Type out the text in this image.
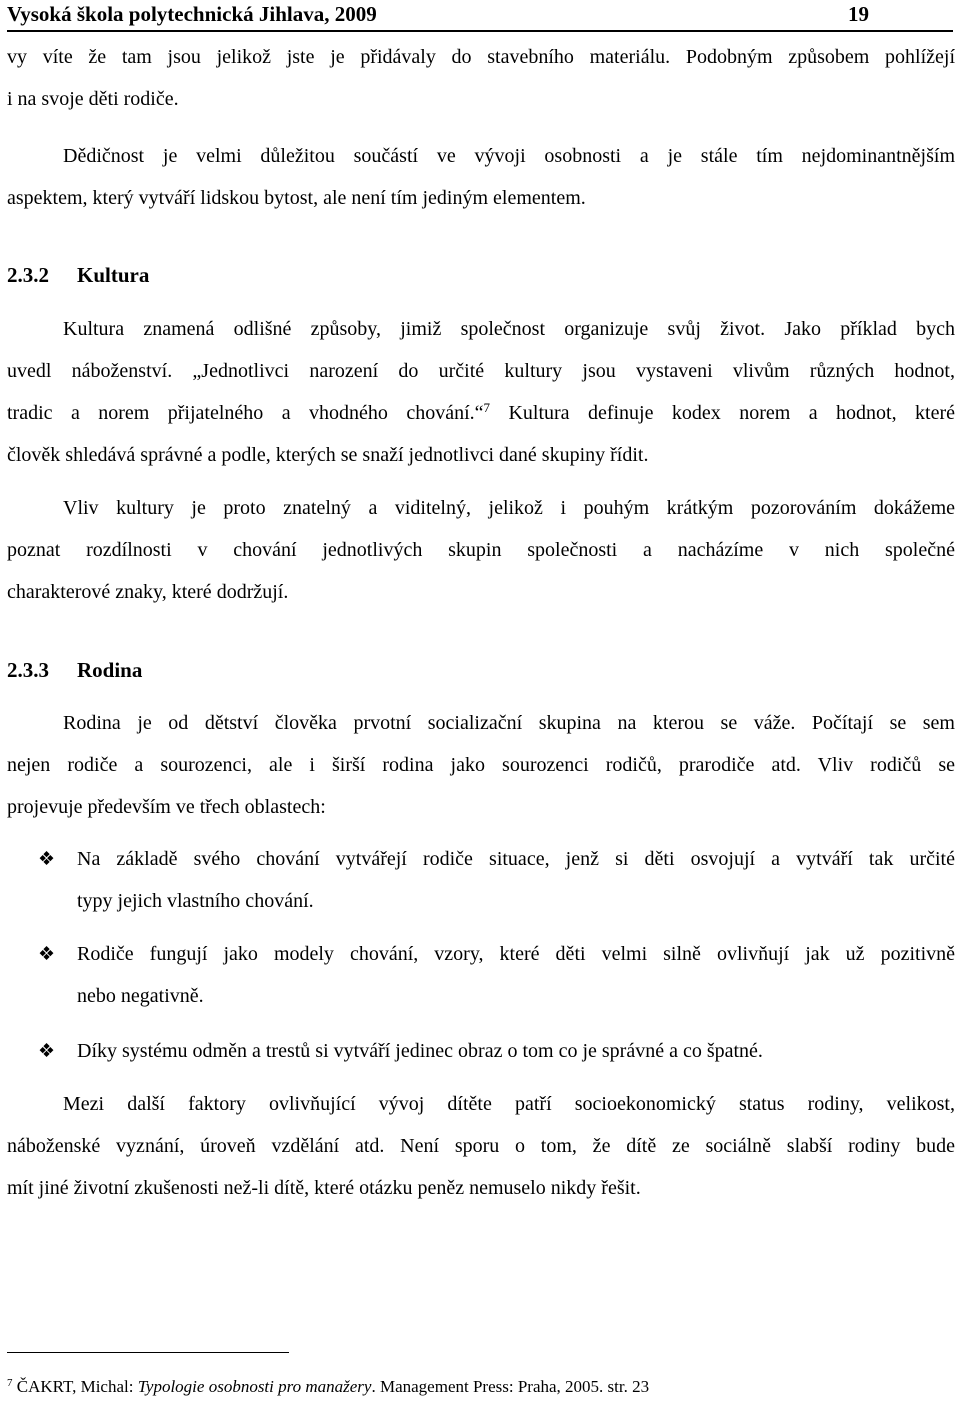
Vysoká škola polytechnická Jihlava, 2009	19
vy víte že tam jsou jelikož jste je přidávaly do stavebního materiálu. Podobným způsobem pohlížejí
i na svoje děti rodiče.
Dědičnost je velmi důležitou součástí ve vývoji osobnosti a je stále tím nejdominantnějším
aspektem, který vytváří lidskou bytost, ale není tím jediným elementem.
2.3.2 Kultura
Kultura znamená odlišné způsoby, jimiž společnost organizuje svůj život. Jako příklad bych
uvedl náboženství. „Jednotlivci narození do určité kultury jsou vystaveni vlivům různých hodnot,
tradic a norem přijatelného a vhodného chování.“$^7$ Kultura definuje kodex norem a hodnot, které
člověk shledává správné a podle, kterých se snaží jednotlivci dané skupiny řídit.
Vliv kultury je proto znatelný a viditelný, jelikož i pouhým krátkým pozorováním dokážeme
poznat rozdílnosti v chování jednotlivých skupin společnosti a nacházíme v nich společné
charakterové znaky, které dodržují.
2.3.3 Rodina
Rodina je od dětství člověka prvotní socializační skupina na kterou se váže. Počítají se sem
nejen rodiče a sourozenci, ale i širší rodina jako sourozenci rodičů, prarodiče atd. Vliv rodičů se
projevuje především ve třech oblastech:
❖ Na základě svého chování vytvářejí rodiče situace, jenž si děti osvojují a vytváří tak určité
typy jejich vlastního chování.
❖ Rodiče fungují jako modely chování, vzory, které děti velmi silně ovlivňují jak už pozitivně
nebo negativně.
❖ Díky systému odměn a trestů si vytváří jedinec obraz o tom co je správné a co špatné.
Mezi další faktory ovlivňující vývoj dítěte patří socioekonomický status rodiny, velikost,
náboženské vyznání, úroveň vzdělání atd. Není sporu o tom, že dítě ze sociálně slabší rodiny bude
mít jiné životní zkušenosti než-li dítě, které otázku peněz nemuselo nikdy řešit.
$^7$ ČAKRT, Michal: Typologie osobnosti pro manažery. Management Press: Praha, 2005. str. 23
